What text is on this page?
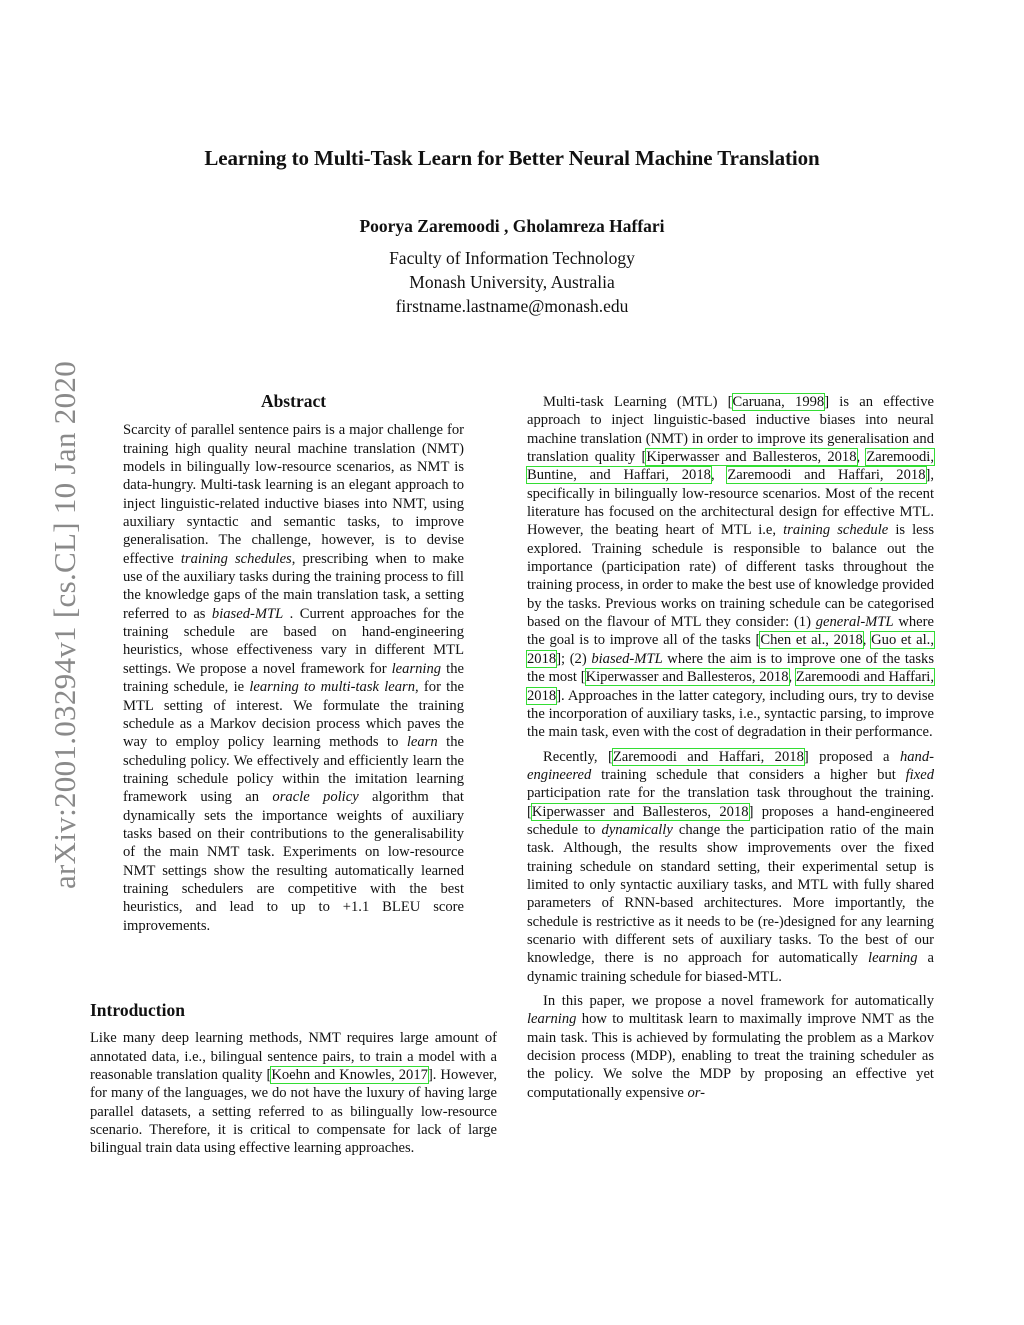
arXiv:2001.03294v1 [cs.CL] 10 Jan 2020
Learning to Multi-Task Learn for Better Neural Machine Translation
Poorya Zaremoodi , Gholamreza Haffari
Faculty of Information Technology
Monash University, Australia
firstname.lastname@monash.edu
Abstract

Scarcity of parallel sentence pairs is a major challenge for training high quality neural machine translation (NMT) models in bilingually low-resource scenarios, as NMT is data-hungry. Multi-task learning is an elegant approach to inject linguistic-related inductive biases into NMT, using auxiliary syntactic and semantic tasks, to improve generalisation. The challenge, however, is to devise effective training schedules, prescribing when to make use of the auxiliary tasks during the training process to fill the knowledge gaps of the main translation task, a setting referred to as biased-MTL . Current approaches for the training schedule are based on hand-engineering heuristics, whose effectiveness vary in different MTL settings. We propose a novel framework for learning the training schedule, ie learning to multi-task learn, for the MTL setting of interest. We formulate the training schedule as a Markov decision process which paves the way to employ policy learning methods to learn the scheduling policy. We effectively and efficiently learn the training schedule policy within the imitation learning framework using an oracle policy algorithm that dynamically sets the importance weights of auxiliary tasks based on their contributions to the generalisability of the main NMT task. Experiments on low-resource NMT settings show the resulting automatically learned training schedulers are competitive with the best heuristics, and lead to up to +1.1 BLEU score improvements.

Introduction

Like many deep learning methods, NMT requires large amount of annotated data, i.e., bilingual sentence pairs, to train a model with a reasonable translation quality [Koehn and Knowles, 2017]. However, for many of the languages, we do not have the luxury of having large parallel datasets, a setting referred to as bilingually low-resource scenario. Therefore, it is critical to compensate for lack of large bilingual train data using effective learning approaches.

Multi-task Learning (MTL) [Caruana, 1998] is an effective approach to inject linguistic-based inductive biases into neural machine translation (NMT) in order to improve its generalisation and translation quality [Kiperwasser and Ballesteros, 2018, Zaremoodi, Buntine, and Haffari, 2018, Zaremoodi and Haffari, 2018], specifically in bilingually low-resource scenarios. Most of the recent literature has focused on the architectural design for effective MTL. However, the beating heart of MTL i.e, training schedule is less explored. Training schedule is responsible to balance out the importance (participation rate) of different tasks throughout the training process, in order to make the best use of knowledge provided by the tasks. Previous works on training schedule can be categorised based on the flavour of MTL they consider: (1) general-MTL where the goal is to improve all of the tasks [Chen et al., 2018, Guo et al., 2018]; (2) biased-MTL where the aim is to improve one of the tasks the most [Kiperwasser and Ballesteros, 2018, Zaremoodi and Haffari, 2018]. Approaches in the latter category, including ours, try to devise the incorporation of auxiliary tasks, i.e., syntactic parsing, to improve the main task, even with the cost of degradation in their performance.

Recently, [Zaremoodi and Haffari, 2018] proposed a hand-engineered training schedule that considers a higher but fixed participation rate for the translation task throughout the training. [Kiperwasser and Ballesteros, 2018] proposes a hand-engineered schedule to dynamically change the participation ratio of the main task. Although, the results show improvements over the fixed training schedule on standard setting, their experimental setup is limited to only syntactic auxiliary tasks, and MTL with fully shared parameters of RNN-based architectures. More importantly, the schedule is restrictive as it needs to be (re-)designed for any learning scenario with different sets of auxiliary tasks. To the best of our knowledge, there is no approach for automatically learning a dynamic training schedule for biased-MTL.

In this paper, we propose a novel framework for automatically learning how to multitask learn to maximally improve NMT as the main task. This is achieved by formulating the problem as a Markov decision process (MDP), enabling to treat the training scheduler as the policy. We solve the MDP by proposing an effective yet computationally expensive or-
